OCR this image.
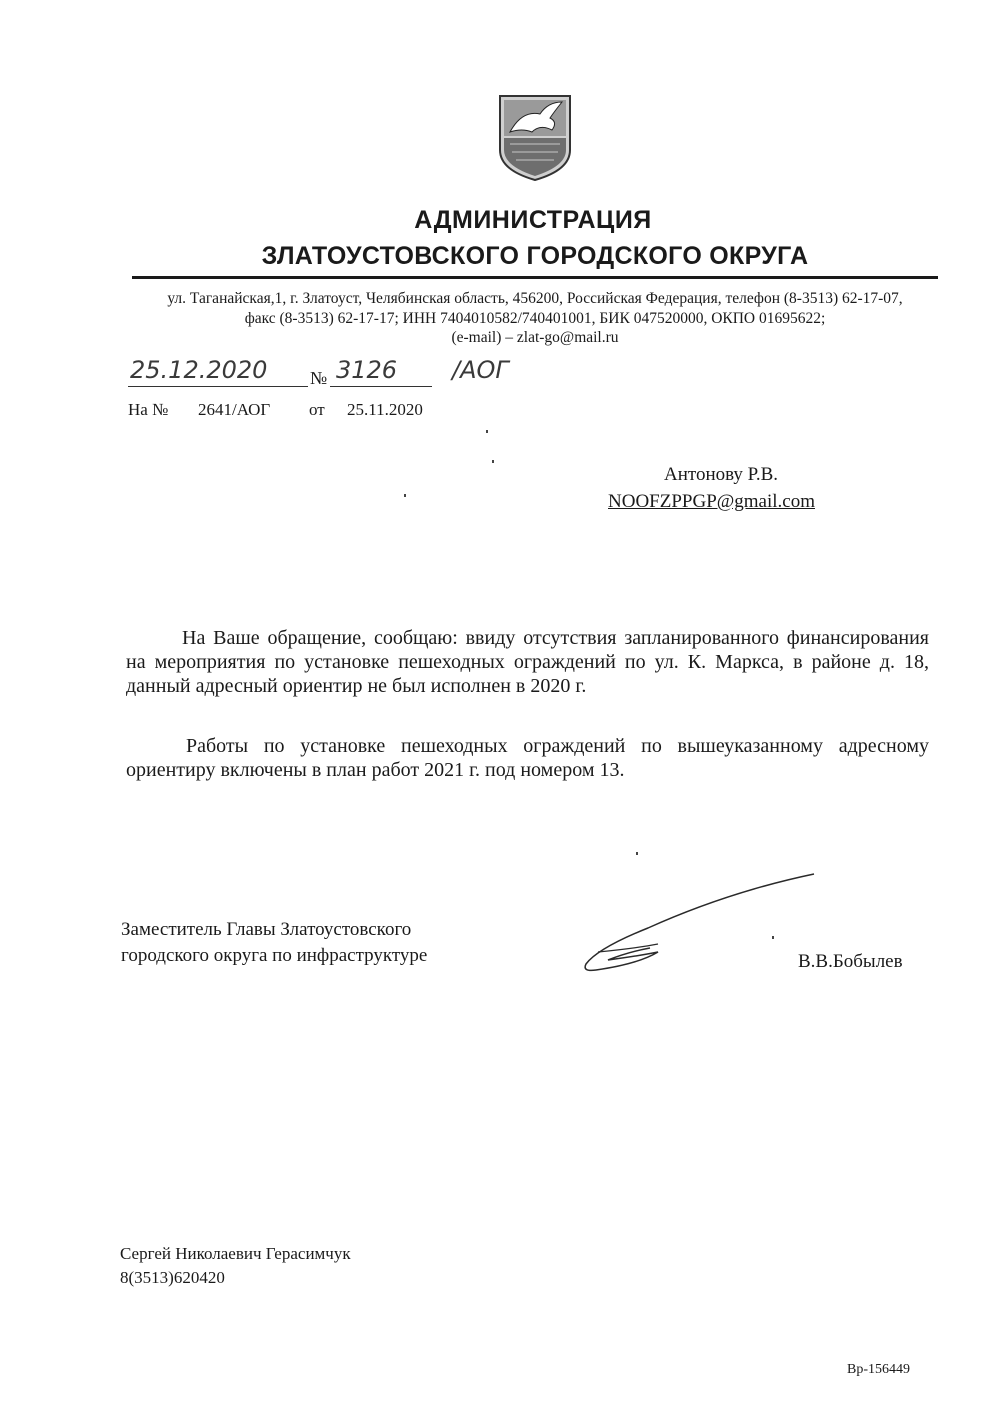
АДМИНИСТРАЦИЯ
ЗЛАТОУСТОВСКОГО ГОРОДСКОГО ОКРУГА
ул. Таганайская,1, г. Златоуст, Челябинская область, 456200, Российская Федерация, телефон (8-3513) 62-17-07,
факс (8-3513) 62-17-17; ИНН 7404010582/740401001, БИК 047520000, ОКПО 01695622;
(e-mail) – zlat-go@mail.ru
25.12.2020 № 3126 /АОГ
На № 2641/АОГ от 25.11.2020
Антонову Р.В.
NOOFZPPGP@gmail.com
На Ваше обращение, сообщаю: ввиду отсутствия запланированного финансирования на мероприятия по установке пешеходных ограждений по ул. К. Маркса, в районе д. 18, данный адресный ориентир не был исполнен в 2020 г.
Работы по установке пешеходных ограждений по вышеуказанному адресному ориентиру включены в план работ 2021 г. под номером 13.
Заместитель Главы Златоустовского
городского округа по инфраструктуре	В.В.Бобылев
Сергей Николаевич Герасимчук
8(3513)620420
Вр-156449
